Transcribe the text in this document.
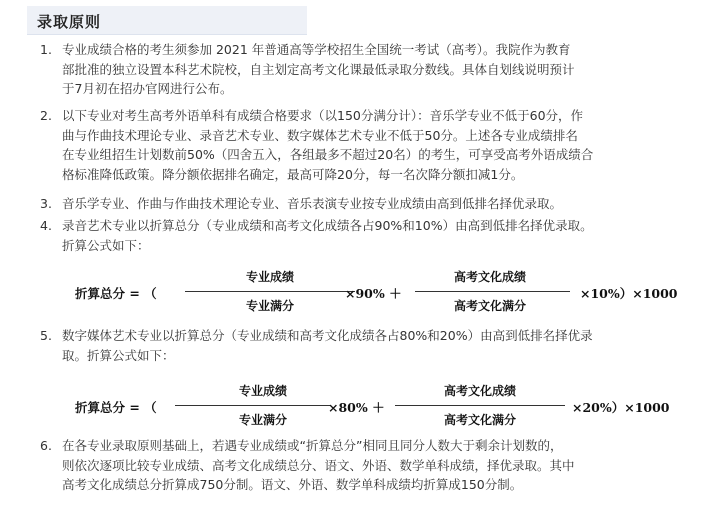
录取原则
1. 专业成绩合格的考生须参加 2021 年普通高等学校招生全国统一考试（高考）。我院作为教育
部批准的独立设置本科艺术院校，自主划定高考文化课最低录取分数线。具体自划线说明预计
于7月初在招办官网进行公布。
2. 以下专业对考生高考外语单科有成绩合格要求（以150分满分计）：音乐学专业不低于60分，作
曲与作曲技术理论专业、录音艺术专业、数字媒体艺术专业不低于50分。上述各专业成绩排名
在专业组招生计划数前50%（四舍五入，各组最多不超过20名）的考生，可享受高考外语成绩合
格标准降低政策。降分额依据排名确定，最高可降20分，每一名次降分额扣减1分。
3. 音乐学专业、作曲与作曲技术理论专业、音乐表演专业按专业成绩由高到低排名择优录取。
4. 录音艺术专业以折算总分（专业成绩和高考文化成绩各占90%和10%）由高到低排名择优录取。
折算公式如下：
折算总分 = （
专业成绩
专业满分
×90% ＋
高考文化成绩
高考文化满分
×10%）×1000
5. 数字媒体艺术专业以折算总分（专业成绩和高考文化成绩各占80%和20%）由高到低排名择优录
取。折算公式如下：
折算总分 = （
专业成绩
专业满分
×80% ＋
高考文化成绩
高考文化满分
×20%）×1000
6. 在各专业录取原则基础上，若遇专业成绩或“折算总分”相同且同分人数大于剩余计划数的，
则依次逐项比较专业成绩、高考文化成绩总分、语文、外语、数学单科成绩，择优录取。其中
高考文化成绩总分折算成750分制。语文、外语、数学单科成绩均折算成150分制。
